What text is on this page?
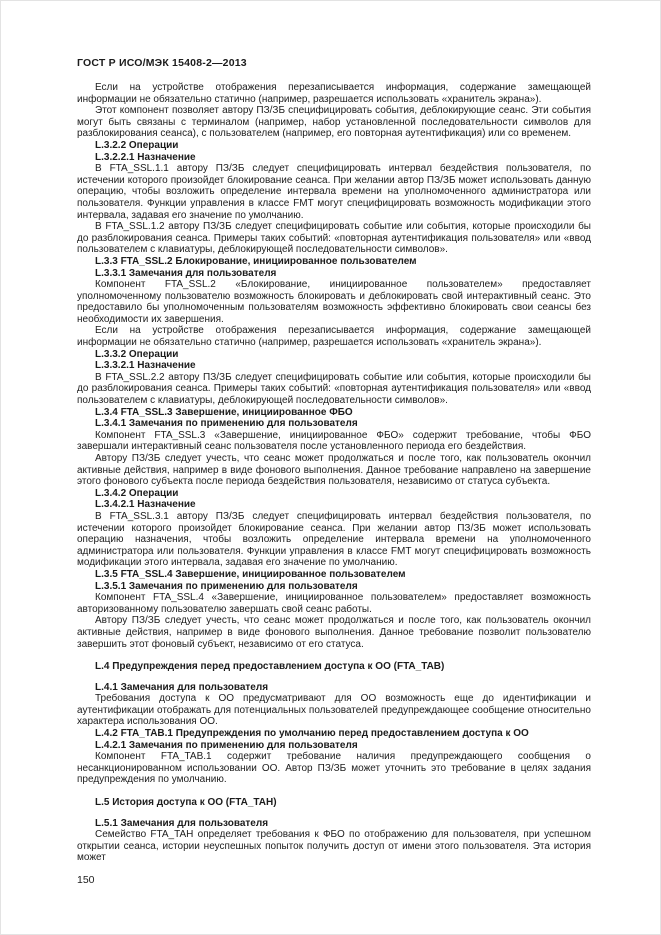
ГОСТ Р ИСО/МЭК 15408-2—2013

Если на устройстве отображения перезаписывается информация, содержание замещающей информации не обязательно статично (например, разрешается использовать «хранитель экрана»).

Этот компонент позволяет автору ПЗ/ЗБ специфицировать события, деблокирующие сеанс. Эти события могут быть связаны с терминалом (например, набор установленной последовательности символов для разблокирования сеанса), с пользователем (например, его повторная аутентификация) или со временем.

L.3.2.2 Операции

L.3.2.2.1 Назначение

В FTA_SSL.1.1 автору ПЗ/ЗБ следует специфицировать интервал бездействия пользователя, по истечении которого произойдет блокирование сеанса. При желании автор ПЗ/ЗБ может использовать данную операцию, чтобы возложить определение интервала времени на уполномоченного администратора или пользователя. Функции управления в классе FMT могут специфицировать возможность модификации этого интервала, задавая его значение по умолчанию.

В FTA_SSL.1.2 автору ПЗ/ЗБ следует специфицировать событие или события, которые происходили бы до разблокирования сеанса. Примеры таких событий: «повторная аутентификация пользователя» или «ввод пользователем с клавиатуры, деблокирующей последовательности символов».

L.3.3 FTA_SSL.2 Блокирование, инициированное пользователем

L.3.3.1 Замечания для пользователя

Компонент FTA_SSL.2 «Блокирование, инициированное пользователем» предоставляет уполномоченному пользователю возможность блокировать и деблокировать свой интерактивный сеанс. Это предоставило бы уполномоченным пользователям возможность эффективно блокировать свои сеансы без необходимости их завершения.

Если на устройстве отображения перезаписывается информация, содержание замещающей информации не обязательно статично (например, разрешается использовать «хранитель экрана»).

L.3.3.2 Операции

L.3.3.2.1 Назначение

В FTA_SSL.2.2 автору ПЗ/ЗБ следует специфицировать событие или события, которые происходили бы до разблокирования сеанса. Примеры таких событий: «повторная аутентификация пользователя» или «ввод пользователем с клавиатуры, деблокирующей последовательности символов».

L.3.4 FTA_SSL.3 Завершение, инициированное ФБО

L.3.4.1 Замечания по применению для пользователя

Компонент FTA_SSL.3 «Завершение, инициированное ФБО» содержит требование, чтобы ФБО завершали интерактивный сеанс пользователя после установленного периода его бездействия.

Автору ПЗ/ЗБ следует учесть, что сеанс может продолжаться и после того, как пользователь окончил активные действия, например в виде фонового выполнения. Данное требование направлено на завершение этого фонового субъекта после периода бездействия пользователя, независимо от статуса субъекта.

L.3.4.2 Операции

L.3.4.2.1 Назначение

В FTA_SSL.3.1 автору ПЗ/ЗБ следует специфицировать интервал бездействия пользователя, по истечении которого произойдет блокирование сеанса. При желании автор ПЗ/ЗБ может использовать операцию назначения, чтобы возложить определение интервала времени на уполномоченного администратора или пользователя. Функции управления в классе FMT могут специфицировать возможность модификации этого интервала, задавая его значение по умолчанию.

L.3.5 FTA_SSL.4 Завершение, инициированное пользователем

L.3.5.1 Замечания по применению для пользователя

Компонент FTA_SSL.4 «Завершение, инициированное пользователем» предоставляет возможность авторизованному пользователю завершать свой сеанс работы.

Автору ПЗ/ЗБ следует учесть, что сеанс может продолжаться и после того, как пользователь окончил активные действия, например в виде фонового выполнения. Данное требование позволит пользователю завершить этот фоновый субъект, независимо от его статуса.

L.4 Предупреждения перед предоставлением доступа к ОО (FTA_TAB)

L.4.1 Замечания для пользователя

Требования доступа к ОО предусматривают для ОО возможность еще до идентификации и аутентификации отображать для потенциальных пользователей предупреждающее сообщение относительно характера использования ОО.

L.4.2 FTA_TAB.1 Предупреждения по умолчанию перед предоставлением доступа к ОО

L.4.2.1 Замечания по применению для пользователя

Компонент FTA_TAB.1 содержит требование наличия предупреждающего сообщения о несанкционированном использовании ОО. Автор ПЗ/ЗБ может уточнить это требование в целях задания предупреждения по умолчанию.

L.5 История доступа к ОО (FTA_TAH)

L.5.1 Замечания для пользователя

Семейство FTA_TAH определяет требования к ФБО по отображению для пользователя, при успешном открытии сеанса, истории неуспешных попыток получить доступ от имени этого пользователя. Эта история может

150
